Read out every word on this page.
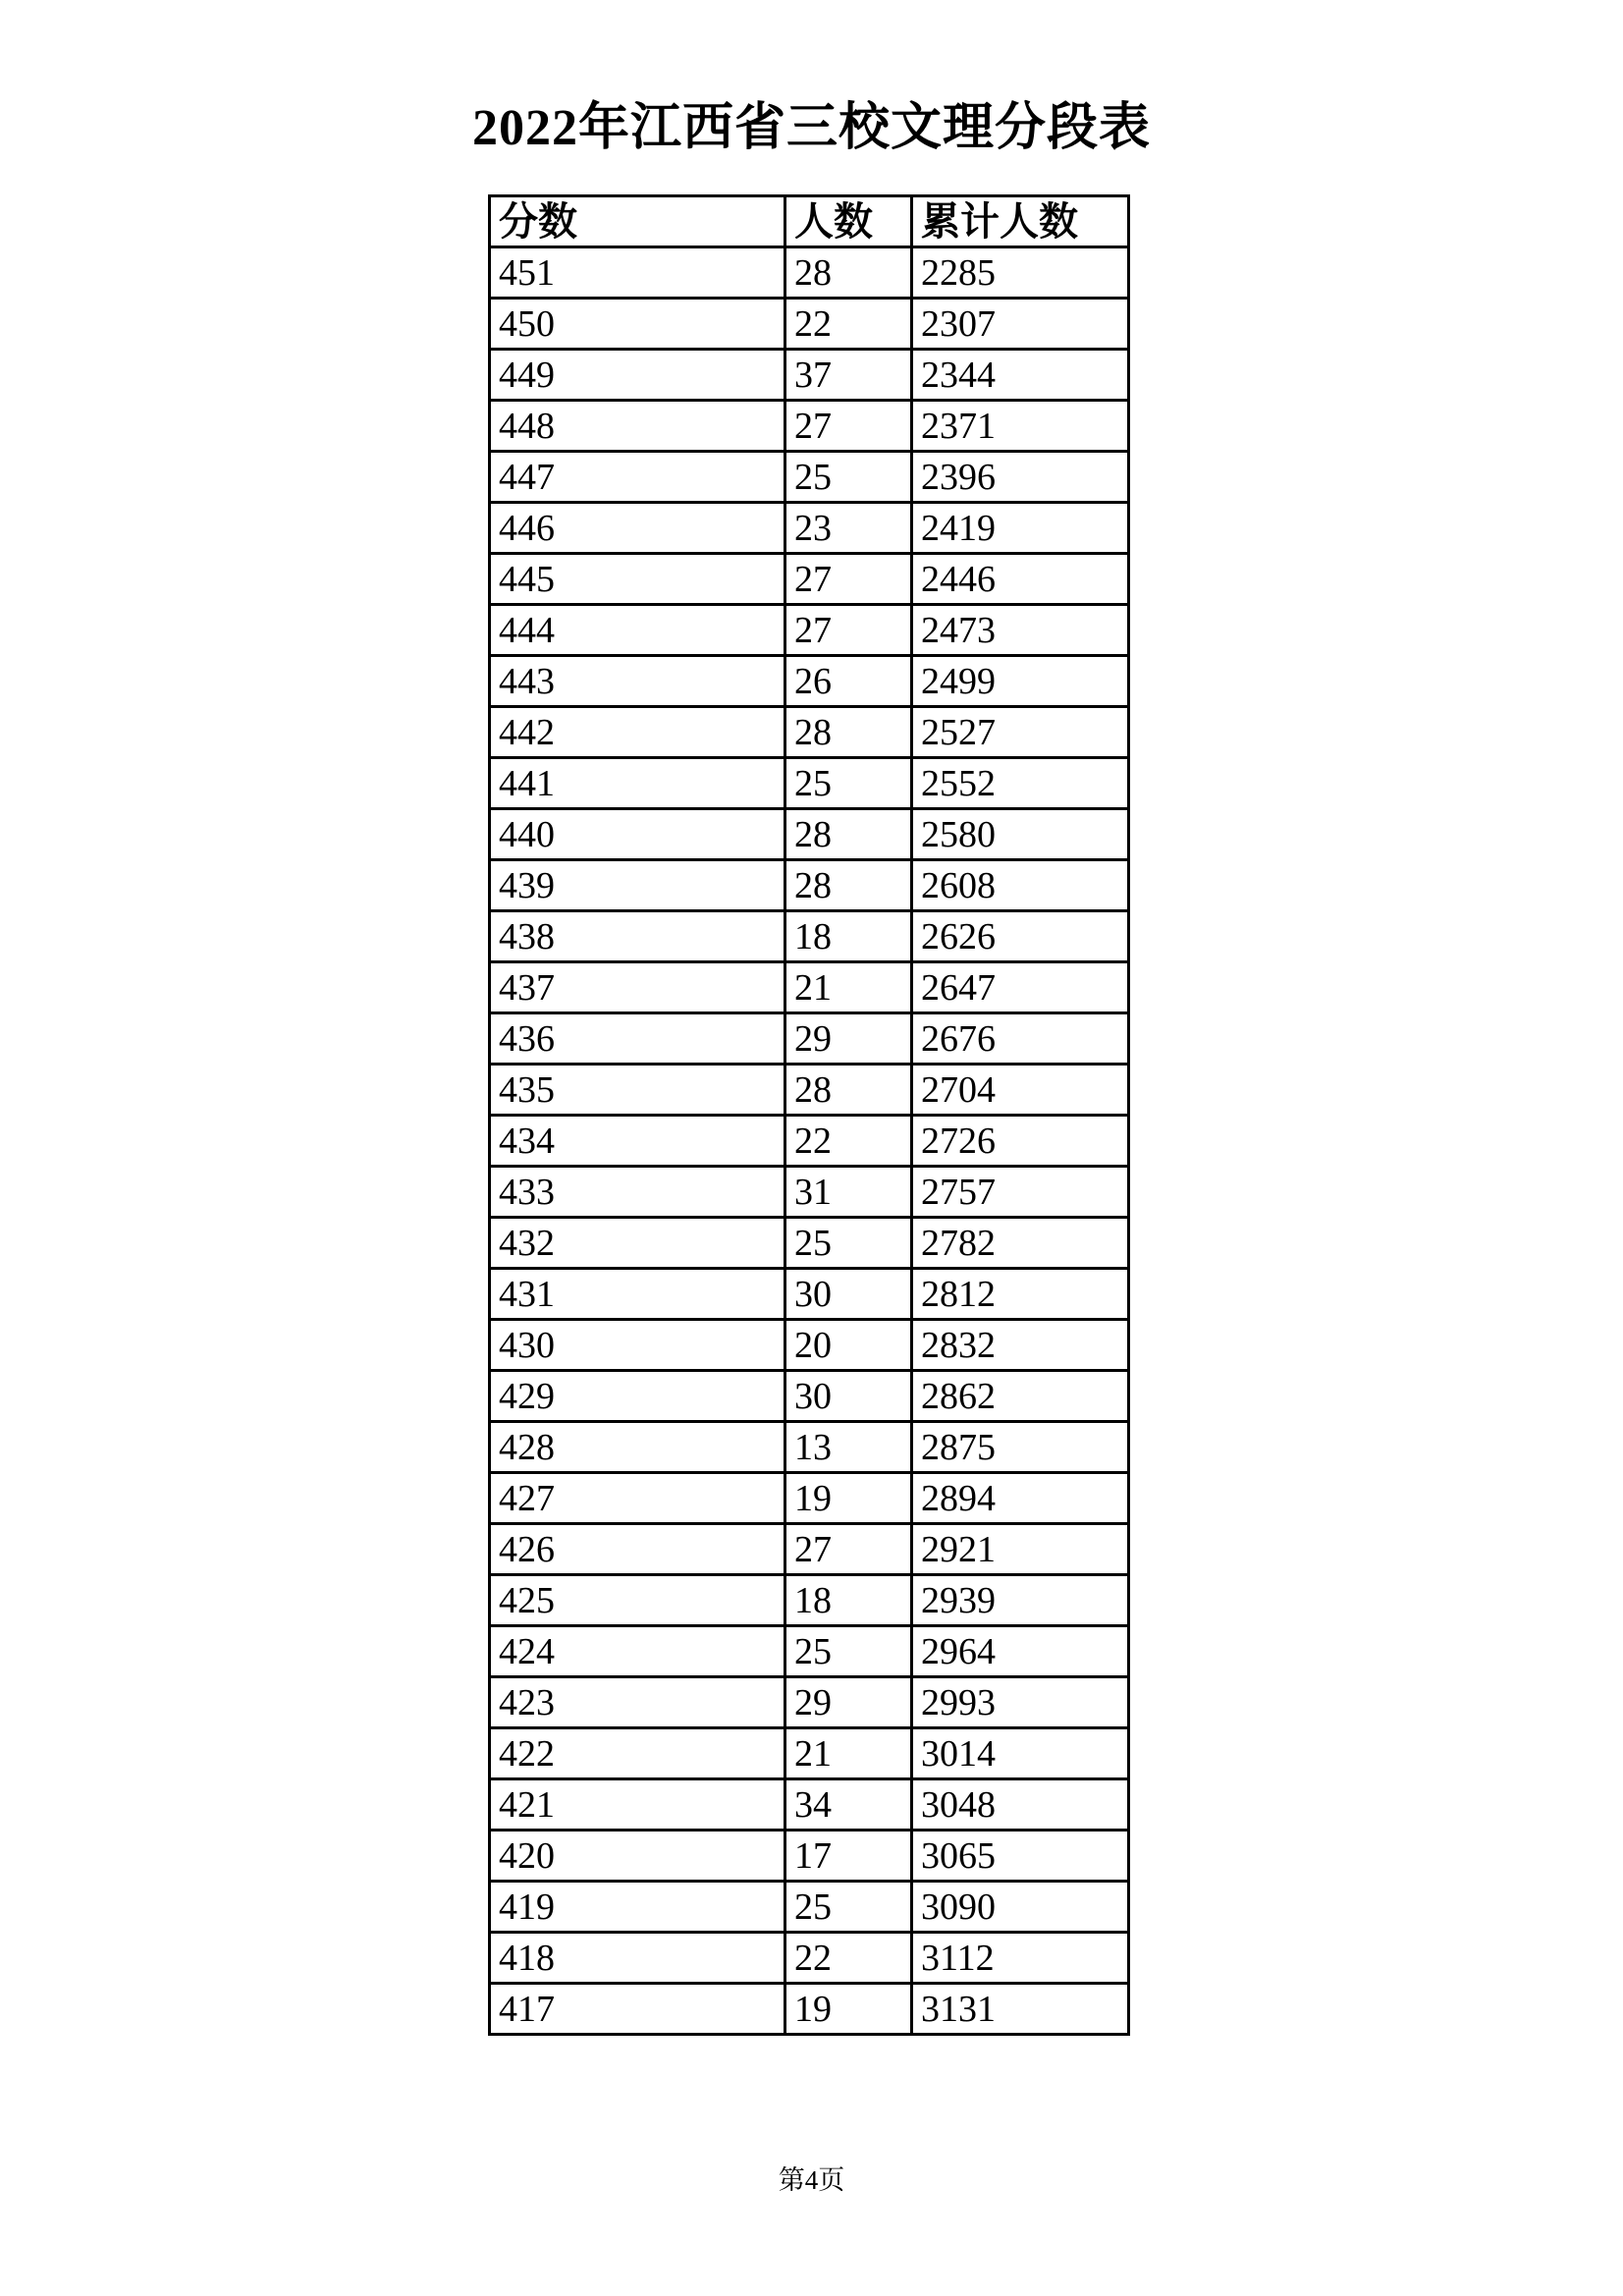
2022年江西省三校文理分段表
分数	人数	累计人数
451	28	2285
450	22	2307
449	37	2344
448	27	2371
447	25	2396
446	23	2419
445	27	2446
444	27	2473
443	26	2499
442	28	2527
441	25	2552
440	28	2580
439	28	2608
438	18	2626
437	21	2647
436	29	2676
435	28	2704
434	22	2726
433	31	2757
432	25	2782
431	30	2812
430	20	2832
429	30	2862
428	13	2875
427	19	2894
426	27	2921
425	18	2939
424	25	2964
423	29	2993
422	21	3014
421	34	3048
420	17	3065
419	25	3090
418	22	3112
417	19	3131
第4页
